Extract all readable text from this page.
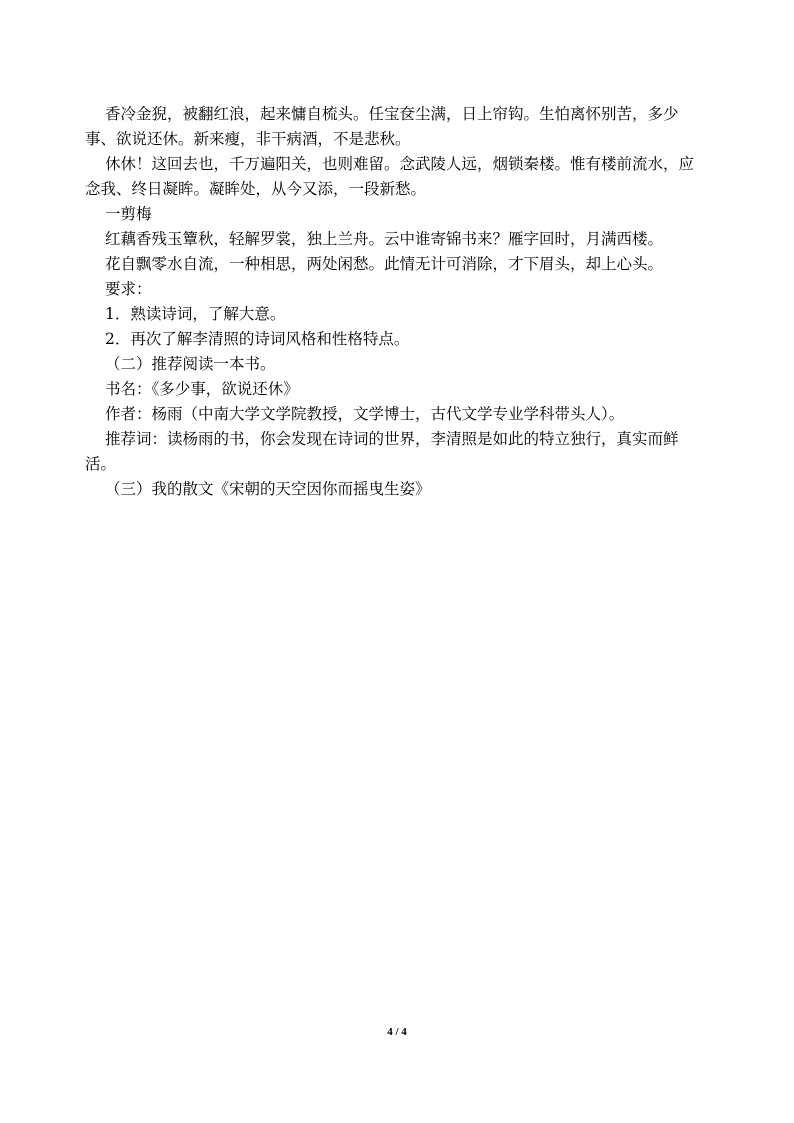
香冷金猊，被翻红浪，起来慵自梳头。任宝奁尘满，日上帘钩。生怕离怀别苦，多少

事、欲说还休。新来瘦，非干病酒，不是悲秋。

休休！这回去也，千万遍阳关，也则难留。念武陵人远，烟锁秦楼。惟有楼前流水，应

念我、终日凝眸。凝眸处，从今又添，一段新愁。

一剪梅

红藕香残玉簟秋，轻解罗裳，独上兰舟。云中谁寄锦书来？雁字回时，月满西楼。

花自飘零水自流，一种相思，两处闲愁。此情无计可消除，才下眉头，却上心头。

要求：

1．熟读诗词，了解大意。

2．再次了解李清照的诗词风格和性格特点。

（二）推荐阅读一本书。

书名：《多少事，欲说还休》

作者：杨雨（中南大学文学院教授，文学博士，古代文学专业学科带头人）。

推荐词：读杨雨的书，你会发现在诗词的世界，李清照是如此的特立独行，真实而鲜

活。

（三）我的散文《宋朝的天空因你而摇曳生姿》

4 / 4
